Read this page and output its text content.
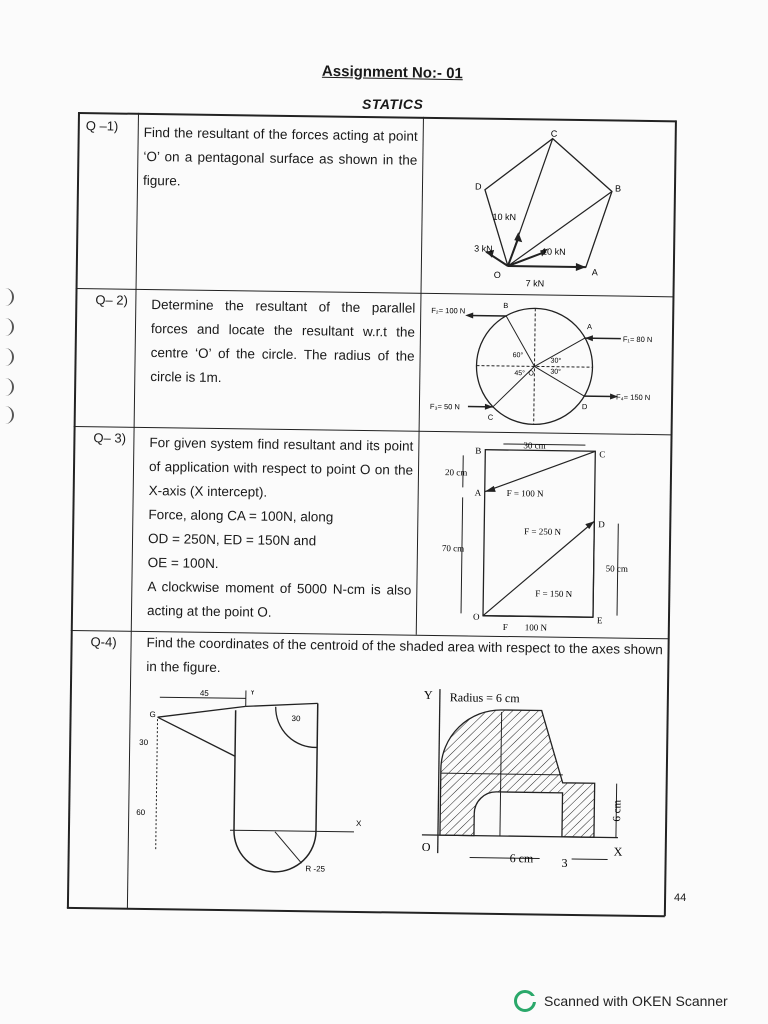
Assignment No:- 01
STATICS
Q –1) Find the resultant of the forces acting at point ‘O’ on a pentagonal surface as shown in the figure.
C
D	B
10 kN
3 kN	10 kN
O	A
7 kN
Q– 2) Determine the resultant of the parallel forces and locate the resultant w.r.t the centre ‘O’ of the circle. The radius of the circle is 1m.
F₂= 100 N
B
A
F₁= 80 N
60°
30°
45° O 30°
F₄= 150 N
F₃= 50 N
C
D
Q– 3) For given system find resultant and its point of application with respect to point O on the X-axis (X intercept).
Force, along CA = 100N, along
OD = 250N, ED = 150N and
OE = 100N.
A clockwise moment of 5000 N-cm is also acting at the point O.
B
30 cm
C
20 cm
A	F = 100 N
F = 250 N
D
70 cm
50 cm
F = 150 N
O
F 100 N
E
Q-4) Find the coordinates of the centroid of the shaded area with respect to the axes shown in the figure.
45	Y
G	30
30
60
X
R -25
Y Radius = 6 cm
6 cm
O
6 cm 3
X
44
Scanned with OKEN Scanner
